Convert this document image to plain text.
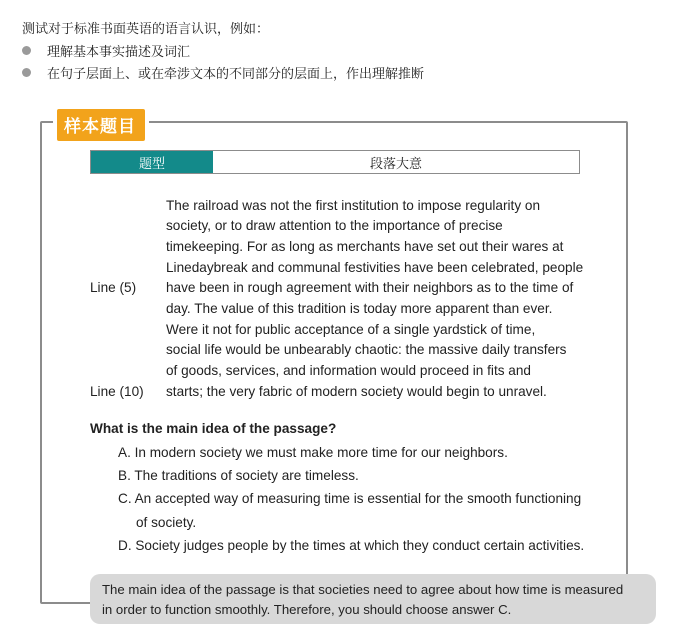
测试对于标准书面英语的语言认识，例如：
理解基本事实描述及词汇
在句子层面上、或在牵涉文本的不同部分的层面上，作出理解推断
样本题目
题型	段落大意
The railroad was not the first institution to impose regularity on
society, or to draw attention to the importance of precise
timekeeping. For as long as merchants have set out their wares at
Linedaybreak and communal festivities have been celebrated, people
have been in rough agreement with their neighbors as to the time of
day. The value of this tradition is today more apparent than ever.
Were it not for public acceptance of a single yardstick of time,
social life would be unbearably chaotic: the massive daily transfers
of goods, services, and information would proceed in fits and
starts; the very fabric of modern society would begin to unravel.
Line (5)
Line (10)
What is the main idea of the passage?
A. In modern society we must make more time for our neighbors.
B. The traditions of society are timeless.
C. An accepted way of measuring time is essential for the smooth functioning
of society.
D. Society judges people by the times at which they conduct certain activities.
The main idea of the passage is that societies need to agree about how time is measured
in order to function smoothly. Therefore, you should choose answer C.
